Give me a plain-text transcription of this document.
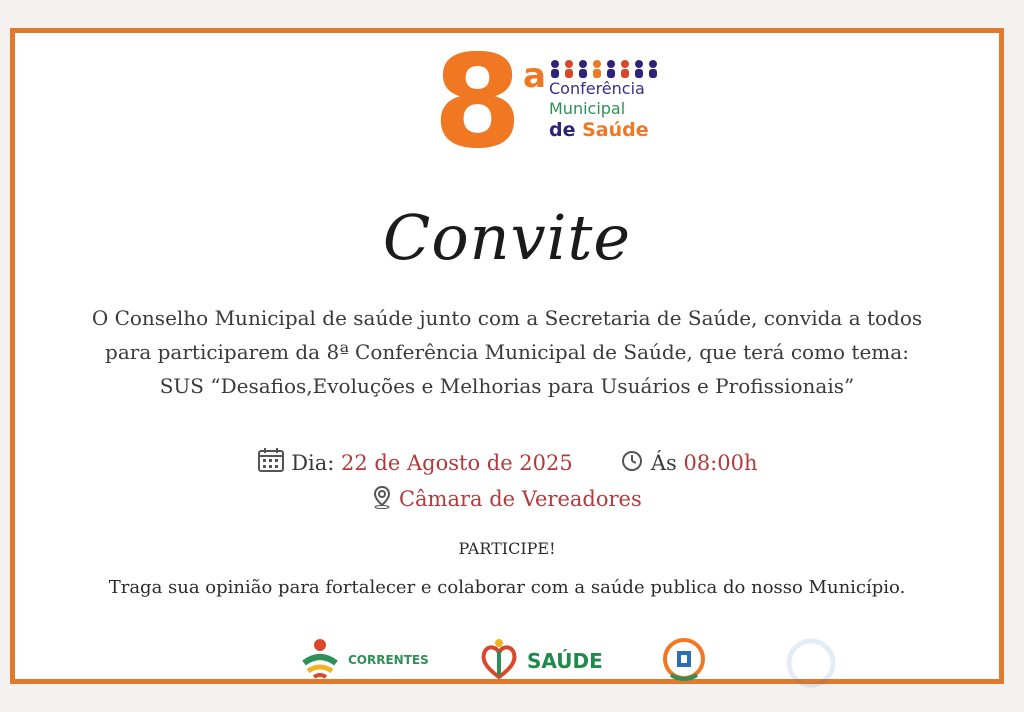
8 a Conferência
Municipal
de Saúde
Convite

O Conselho Municipal de saúde junto com a Secretaria de Saúde, convida a todos

para participarem da 8ª Conferência Municipal de Saúde, que terá como tema:

SUS “Desafios,Evoluções e Melhorias para Usuários e Profissionais”

Dia: 22 de Agosto de 2025	Ás 08:00h
Câmara de Vereadores
PARTICIPE!
Traga sua opinião para fortalecer e colaborar com a saúde publica do nosso Município.
CORRENTES	SAÚDE
